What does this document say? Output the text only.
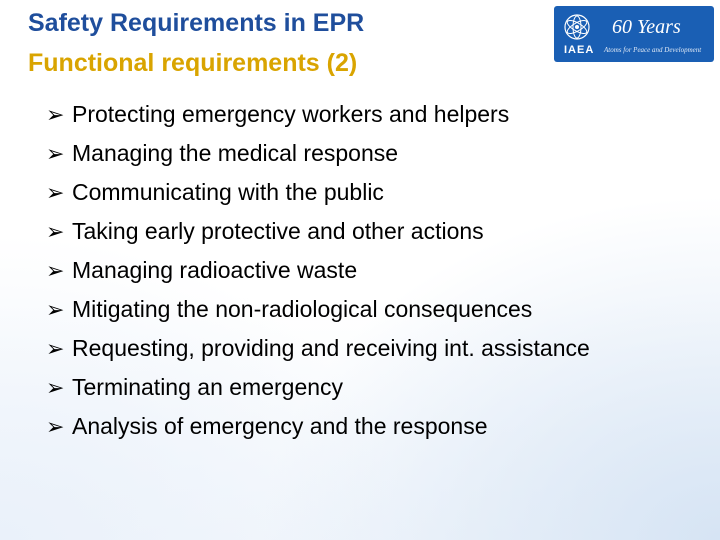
Safety Requirements in EPR
Functional requirements (2)	IAEA
60 Years
Atoms for Peace and Development
➢ Protecting emergency workers and helpers
➢ Managing the medical response
➢ Communicating with the public
➢ Taking early protective and other actions
➢ Managing radioactive waste
➢ Mitigating the non-radiological consequences
➢ Requesting, providing and receiving int. assistance
➢ Terminating an emergency
➢ Analysis of emergency and the response
